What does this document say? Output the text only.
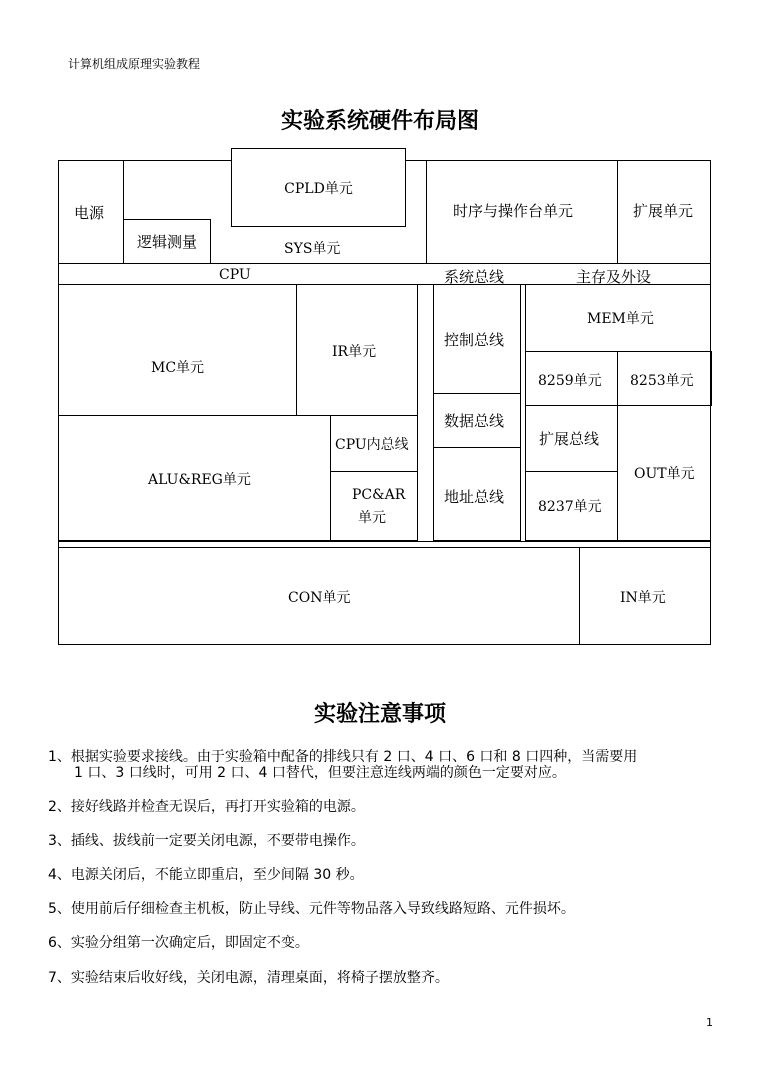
计算机组成原理实验教程
实验系统硬件布局图
电源
逻辑测量
CPLD单元
SYS单元
时序与操作台单元	扩展单元
CPU	系统总线	主存及外设
MC单元
IR单元
ALU&REG单元
CPU内总线
PC&AR
单元
控制总线
数据总线
地址总线
MEM单元
8259单元 8253单元
扩展总线
OUT单元
8237单元
CON单元	IN单元
实验注意事项
1、根据实验要求接线。由于实验箱中配备的排线只有 2 口、4 口、6 口和 8 口四种，当需要用
1 口、3 口线时，可用 2 口、4 口替代，但要注意连线两端的颜色一定要对应。
2、接好线路并检查无误后，再打开实验箱的电源。
3、插线、拔线前一定要关闭电源，不要带电操作。
4、电源关闭后，不能立即重启，至少间隔 30 秒。
5、使用前后仔细检查主机板，防止导线、元件等物品落入导致线路短路、元件损坏。
6、实验分组第一次确定后，即固定不变。
7、实验结束后收好线，关闭电源，清理桌面，将椅子摆放整齐。
1
